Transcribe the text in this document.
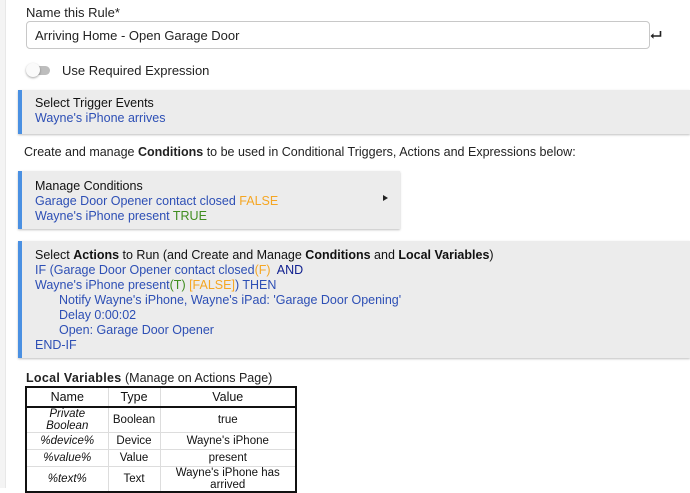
Name this Rule*
Arriving Home - Open Garage Door
Use Required Expression
Select Trigger Events
Wayne's iPhone arrives
Create and manage Conditions to be used in Conditional Triggers, Actions and Expressions below:
Manage Conditions
Garage Door Opener contact closed FALSE
Wayne's iPhone present TRUE
Select Actions to Run (and Create and Manage Conditions and Local Variables)
IF (Garage Door Opener contact closed(F)  AND
Wayne's iPhone present(T) [FALSE]) THEN
Notify Wayne's iPhone, Wayne's iPad: 'Garage Door Opening'
Delay 0:00:02
Open: Garage Door Opener
END-IF
Local Variables (Manage on Actions Page)
Name	Type	Value
Private Boolean	Boolean	true
%device%	Device	Wayne's iPhone
%value%	Value	present
%text%	Text	Wayne's iPhone has arrived
